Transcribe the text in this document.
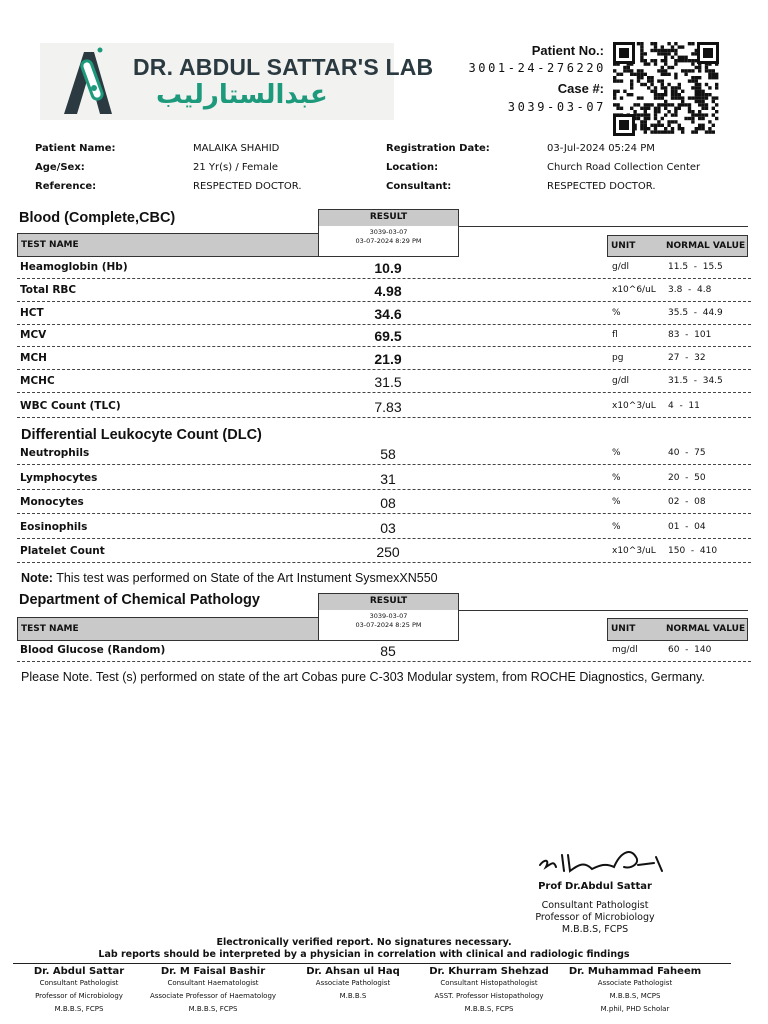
DR. ABDUL SATTAR'S LAB
عبدالستارلیب
Patient No.:
3001-24-276220
Case #:
3039-03-07
Patient Name:	MALAIKA SHAHID
Age/Sex:	21 Yr(s) / Female
Reference:	RESPECTED DOCTOR.
Registration Date:	03-Jul-2024 05:24 PM
Location:	Church Road Collection Center
Consultant:	RESPECTED DOCTOR.
Blood (Complete,CBC)	RESULT
3039-03-07
03-07-2024 8:29 PM
TEST NAME	UNIT	NORMAL VALUE
Heamoglobin (Hb)	10.9	g/dl	11.5  -  15.5
Total RBC	4.98	x10^6/uL 3.8  -  4.8
HCT	34.6	%	35.5  -  44.9
MCV	69.5	fl	83  -  101
MCH	21.9	pg	27  -  32
MCHC	31.5	g/dl	31.5  -  34.5
WBC Count (TLC)	7.83	x10^3/uL 4  -  11
Differential Leukocyte Count (DLC)
Neutrophils	58	%	40  -  75
Lymphocytes	31	%	20  -  50
Monocytes	08	%	02  -  08
Eosinophils	03	%	01  -  04
Platelet Count	250	x10^3/uL 150  -  410
Note: This test was performed on State of the Art Instument SysmexXN550
Department of Chemical Pathology	RESULT
3039-03-07
03-07-2024 8:25 PM
TEST NAME	UNIT	NORMAL VALUE
Blood Glucose (Random)	85	mg/dl	60  -  140
Please Note. Test (s) performed on state of the art Cobas pure C-303 Modular system, from ROCHE Diagnostics, Germany.
Prof Dr.Abdul Sattar
Consultant Pathologist
Professor of Microbiology
M.B.B.S, FCPS
Electronically verified report. No signatures necessary.
Lab reports should be interpreted by a physician in correlation with clinical and radiologic findings
Dr. Abdul Sattar
Consultant Pathologist
Professor of Microbiology
M.B.B.S, FCPS
Dr. M Faisal Bashir
Consultant Haematologist
Associate Professor of Haematology
M.B.B.S, FCPS
Dr. Ahsan ul Haq
Associate Pathologist
M.B.B.S
Dr. Khurram Shehzad
Consultant Histopathologist
ASST. Professor Histopathology
M.B.B.S, FCPS
Dr. Muhammad Faheem
Associate Pathologist
M.B.B.S, MCPS
M.phil, PHD Scholar
